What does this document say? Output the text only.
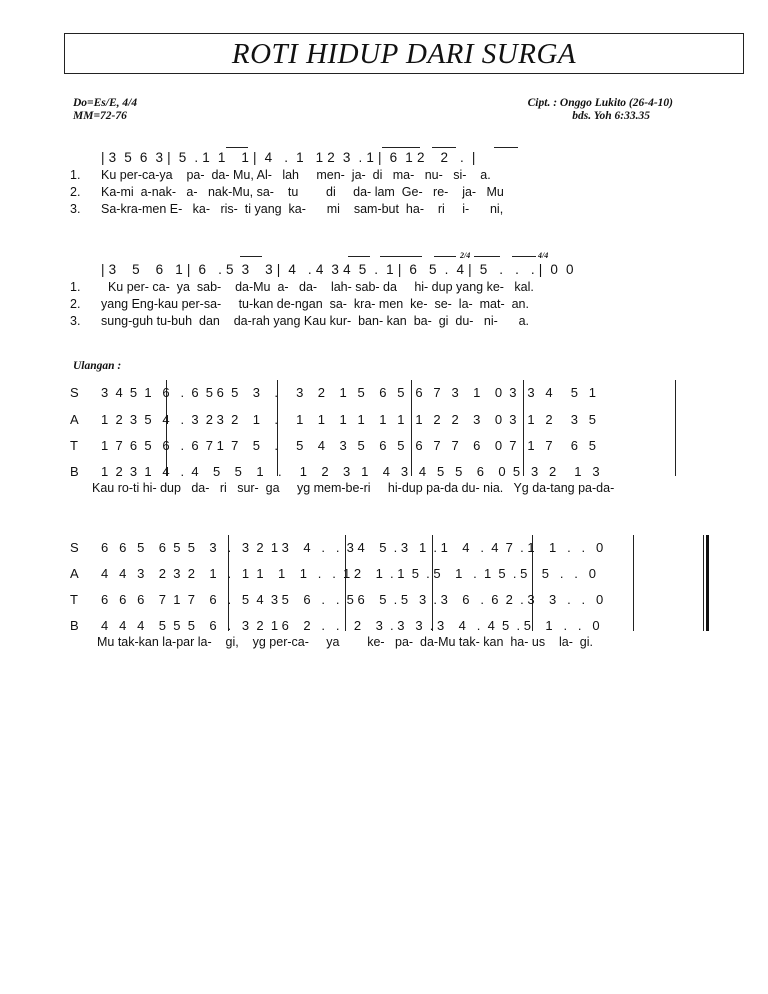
ROTI HIDUP DARI SURGA
Do=Es/E, 4/4
MM=72-76
Cipt. : Onggo Lukito (26-4-10)
bds. Yoh 6:33.35
| 3  5  6  3 |  5  . 1  1    1 |  4   .  1   1 2  3  . 1 |  6  1 2    2   .  |
1. Ku per-ca-ya    pa-  da- Mu, Al-   lah     men-  ja-  di   ma-   nu-   si-    a.
2. Ka-mi  a-nak-   a-   nak-Mu, sa-    tu        di     da- lam  Ge-   re-    ja-   Mu
3. Sa-kra-men E-   ka-   ris-  ti yang  ka-      mi    sam-but  ha-    ri     i-      ni,
2/4	4/4
| 3    5    6   1 |  6   . 5  3    3 |  4   . 4  3 4  5  .  1 |  6   5  .  4 |  5   .   .   . |  0  0
1.  Ku per- ca-  ya  sab-    da-Mu  a-   da-    lah- sab- da     hi- dup yang ke-   kal.
2. yang Eng-kau per-sa-     tu-kan de-ngan  sa-  kra- men  ke-  se-  la-  mat-  an.
3. sung-guh tu-buh  dan    da-rah yang Kau kur-  ban- kan  ba-  gi  du-   ni-      a.
Ulangan :
S 3  4  5  1   6   .  6  5 6  5    3    .     3    2    1   5    6   5   6   7   3    1    0  3   3   4     5   1
A 1  2  3  5   4   .  3  2 3  2    1    .     1    1    1   1    1   1   1   2   2    3    0  3   1   2     3   5
T 1  7  6  5   6   .  6  7 1  7    5    .     5    4    3   5    6   5   6   7   7    6    0  7   1   7     6   5
B 1  2  3  1   4   .  4    5    5    1    .     1    2    3   1    4   3   4   5   5    6    0  5   3   2     1   3
Kau ro-ti hi- dup   da-   ri   sur-  ga     yg mem-be-ri     hi-dup pa-da du- nia.   Yg da-tang pa-da-
S 6   6   5    6  5  5    3   .   3  2  1 3    4   .   .  3 4    5  . 3   1  . 1    4   .  4  7  . 1    1   .   .   0
A 4   4   3    2  3  2    1   .   1  1    1    1   .   .  1 2    1  . 1  5  . 5    1   .  1  5  . 5    5   .   .   0
T 6   6   6    7  1  7    6   .   5  4  3 5    6   .   .  5 6    5  . 5   3  . 3    6   .  6  2  . 3    3   .   .   0
B 4   4   4    5  5  5    6   .   3  2  1 6    2   .   .    2    3  . 3   3  . 3    4   .  4  5  . 5    1   .   .   0
Mu tak-kan la-par la-    gi,    yg per-ca-     ya        ke-   pa-  da-Mu tak- kan  ha- us    la-  gi.
